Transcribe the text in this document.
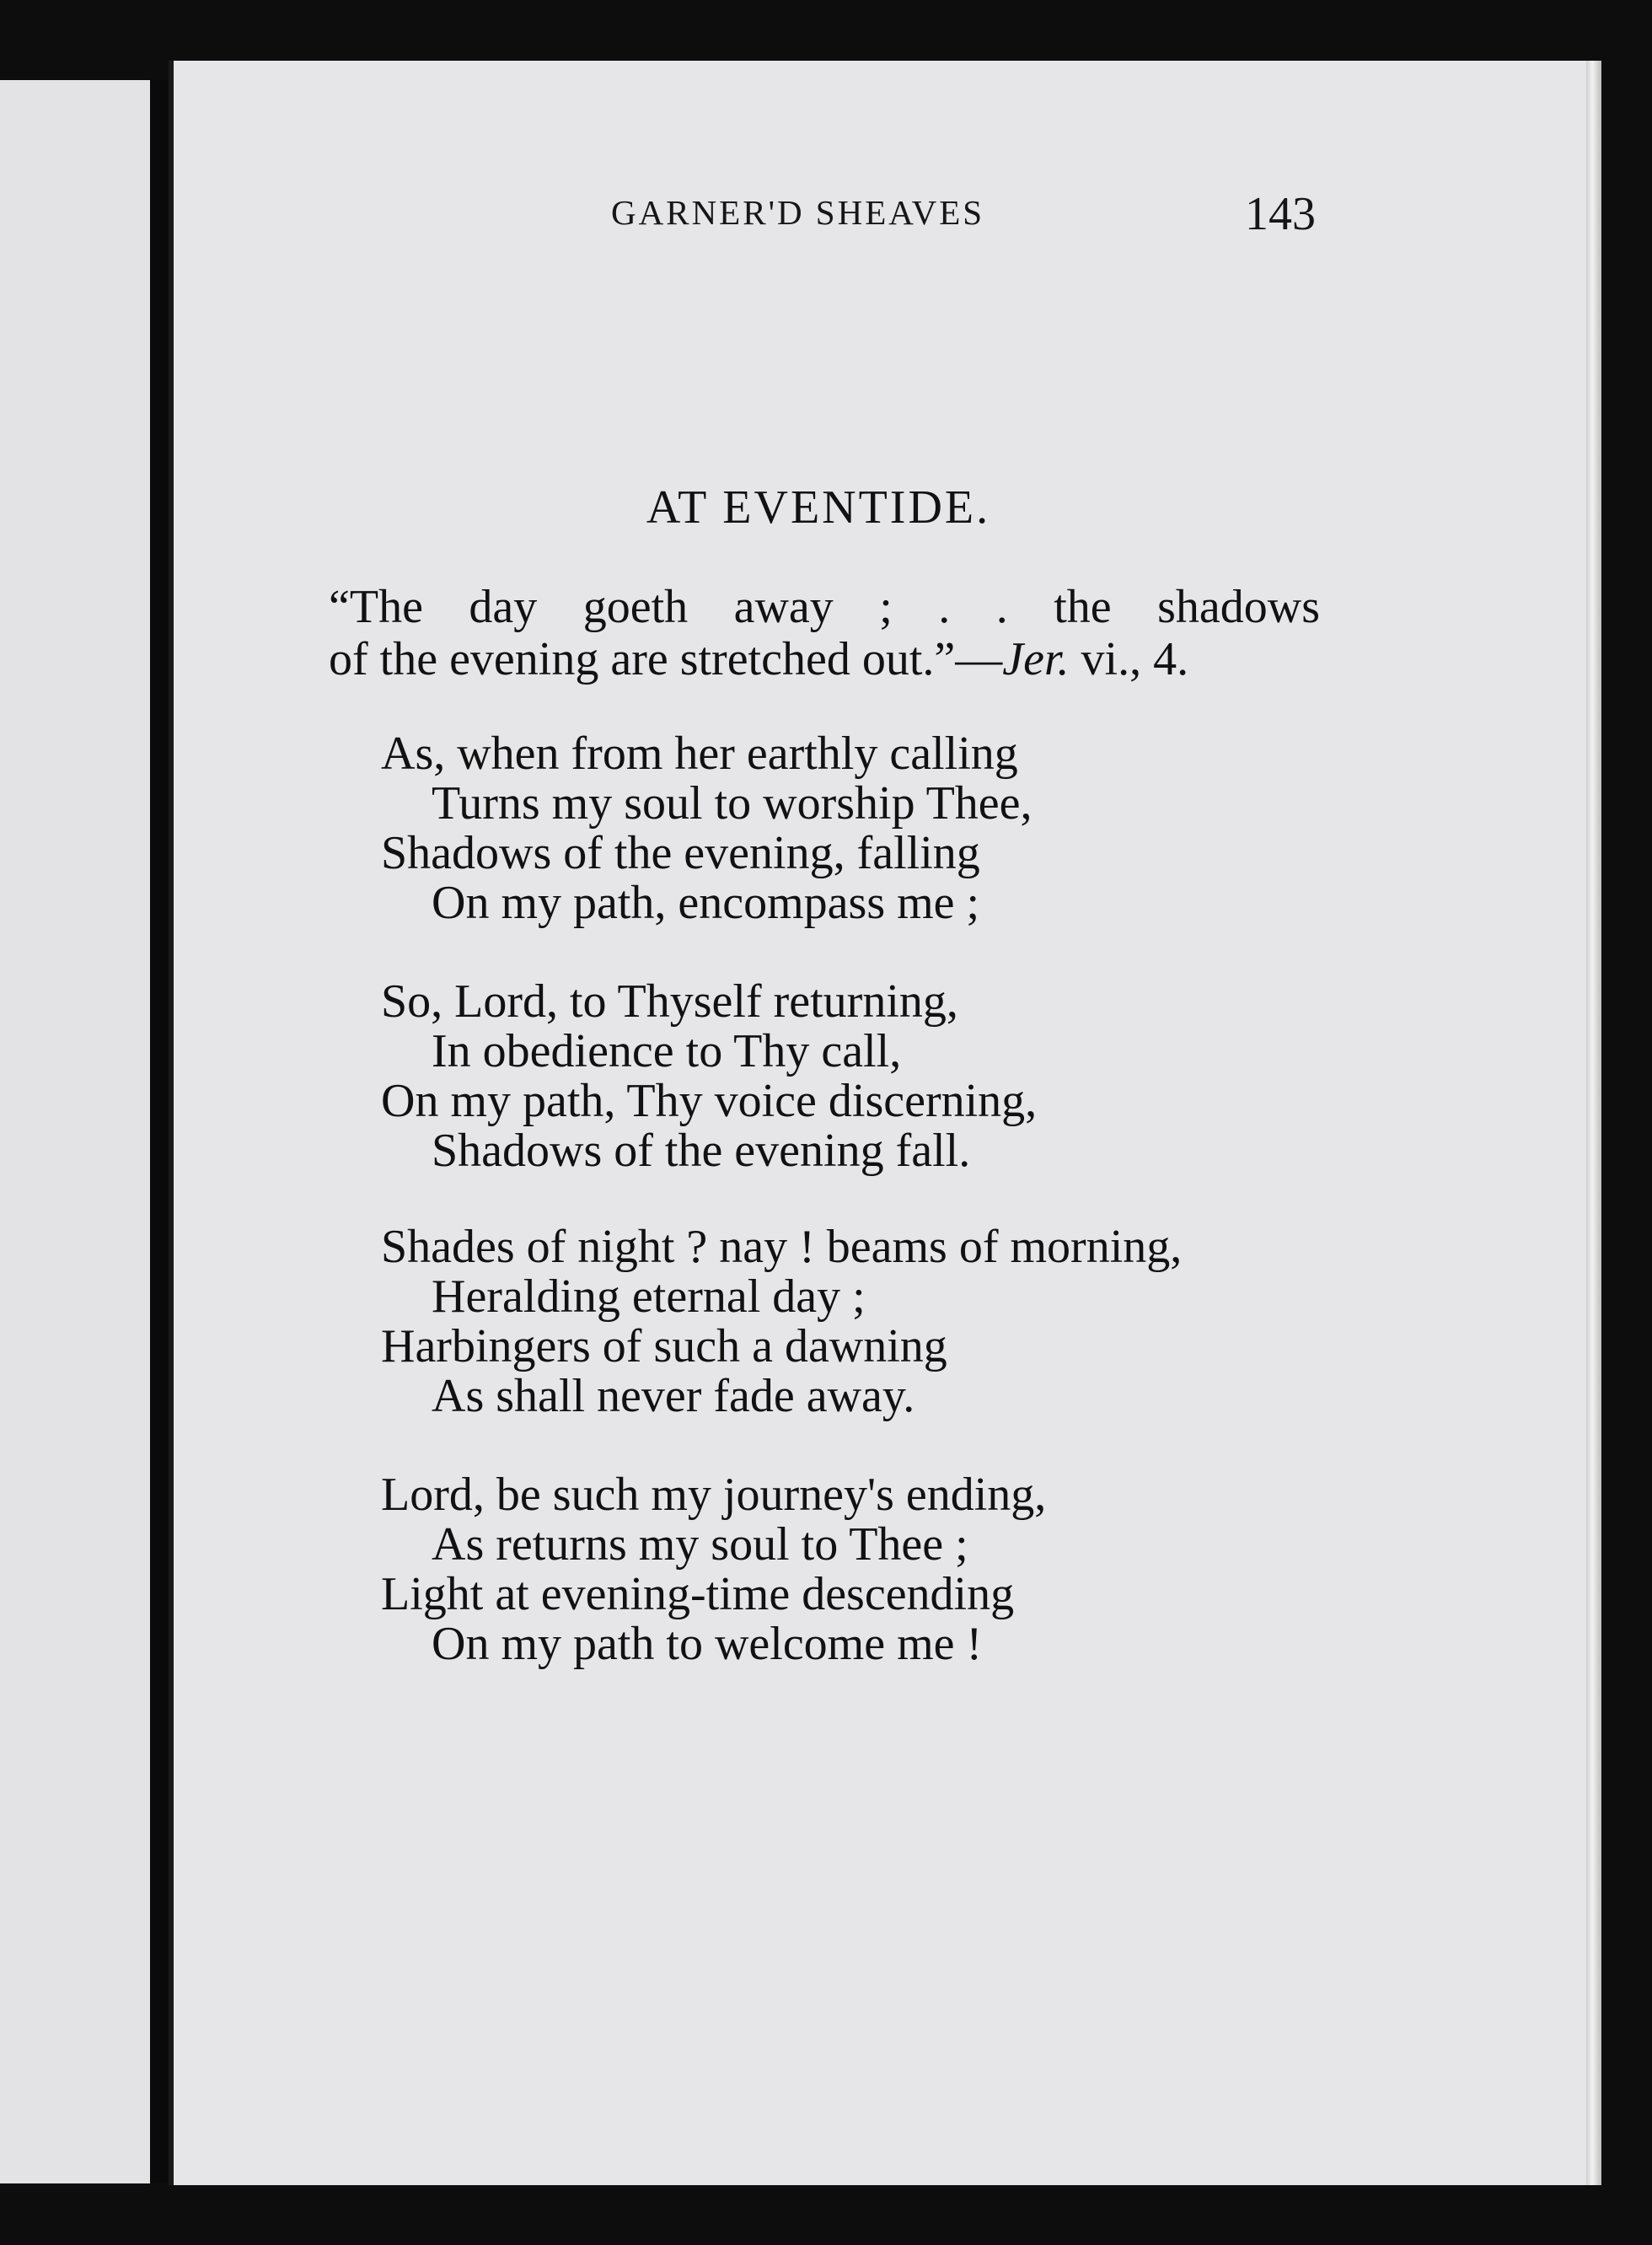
GARNER'D SHEAVES	143
AT EVENTIDE.
“The day goeth away ; . . the shadows
of the evening are stretched out.”—Jer. vi., 4.
As, when from her earthly calling
Turns my soul to worship Thee,
Shadows of the evening, falling
On my path, encompass me ;
So, Lord, to Thyself returning,
In obedience to Thy call,
On my path, Thy voice discerning,
Shadows of the evening fall.
Shades of night ? nay ! beams of morning,
Heralding eternal day ;
Harbingers of such a dawning
As shall never fade away.
Lord, be such my journey's ending,
As returns my soul to Thee ;
Light at evening-time descending
On my path to welcome me !
